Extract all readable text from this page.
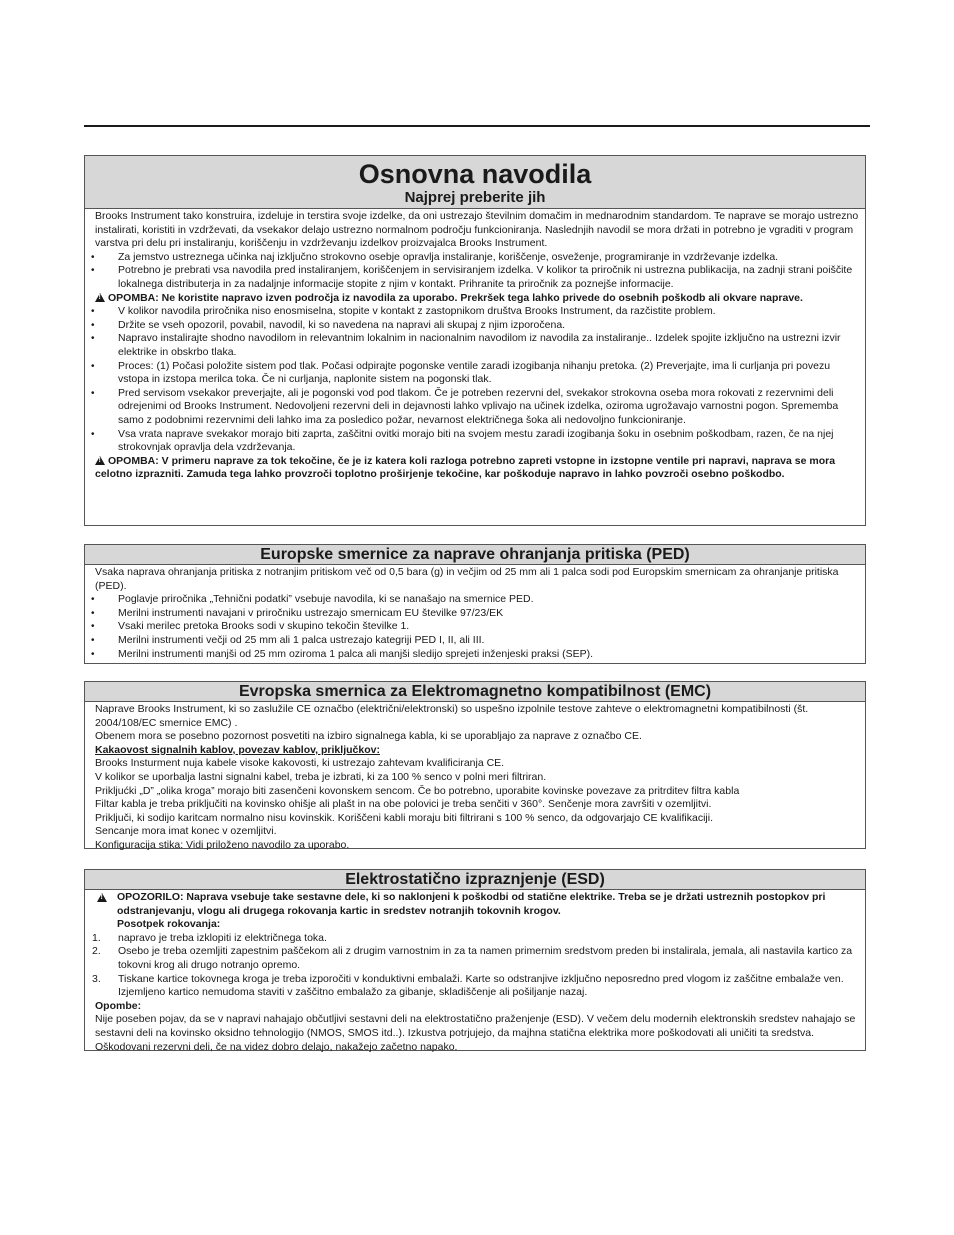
Osnovna navodila
Najprej preberite jih
Brooks Instrument tako konstruira, izdeluje in terstira svoje izdelke, da oni ustrezajo številnim domačim in mednarodnim standardom. Te naprave se morajo ustrezno instalirati, koristiti in vzdrževati, da vsekakor delajo ustrezno normalnom področju funkcioniranja. Naslednjih navodil se mora držati in potrebno je vgraditi v program varstva pri delu pri instaliranju, koriščenju in vzdrževanju izdelkov proizvajalca Brooks Instrument.
• Za jemstvo ustreznega učinka naj izključno strokovno osebje opravlja instaliranje, koriščenje, osveženje, programiranje in vzdrževanje izdelka.
• Potrebno je prebrati vsa navodila pred instaliranjem, koriščenjem in servisiranjem izdelka. V kolikor ta priročnik ni ustrezna publikacija, na zadnji strani poiščite lokalnega distributerja in za nadaljnje informacije stopite z njim v kontakt. Prihranite ta priročnik za poznejše informacije.
!OPOMBA: Ne koristite napravo izven področja iz navodila za uporabo. Prekršek tega lahko privede do osebnih poškodb ali okvare naprave.
• V kolikor navodila priročnika niso enosmiselna, stopite v kontakt z zastopnikom društva Brooks Instrument, da razčistite problem.
• Držite se vseh opozoril, povabil, navodil, ki so navedena na napravi ali skupaj z njim izporočena.
• Napravo instalirajte shodno navodilom in relevantnim lokalnim in nacionalnim navodilom iz navodila za instaliranje.. Izdelek spojite izključno na ustrezni izvir elektrike in obskrbo tlaka.
• Proces: (1) Počasi položite sistem pod tlak. Počasi odpirajte pogonske ventile zaradi izogibanja nihanju pretoka. (2) Preverjajte, ima li curljanja pri povezu vstopa in izstopa merilca toka. Če ni curljanja, naplonite sistem na pogonski tlak.
• Pred servisom vsekakor preverjajte, ali je pogonski vod pod tlakom. Če je potreben rezervni del, svekakor strokovna oseba mora rokovati z rezervnimi deli odrejenimi od Brooks Instrument. Nedovoljeni rezervni deli in dejavnosti lahko vplivajo na učinek izdelka, oziroma ugrožavajo varnostni pogon. Sprememba samo z podobnimi rezervnimi deli lahko ima za posledico požar, nevarnost električnega šoka ali nedovoljno funkcioniranje.
• Vsa vrata naprave svekakor morajo biti zaprta, zaščitni ovitki morajo biti na svojem mestu zaradi izogibanja šoku in osebnim poškodbam, razen, če na njej strokovnjak opravlja dela vzdrževanja.
!OPOMBA: V primeru naprave za tok tekočine, če je iz katera koli razloga potrebno zapreti vstopne in izstopne ventile pri napravi, naprava se mora celotno izprazniti. Zamuda tega lahko provzroči toplotno proširjenje tekočine, kar poškoduje napravo in lahko povzroči osebno poškodbo.
Europske smernice za naprave ohranjanja pritiska (PED)
Vsaka naprava ohranjanja pritiska z notranjim pritiskom več od 0,5 bara (g) in večjim od 25 mm ali 1 palca sodi pod Europskim smernicam za ohranjanje pritiska (PED).
• Poglavje priročnika „Tehnični podatki” vsebuje navodila, ki se nanašajo na smernice PED.
• Merilni instrumenti navajani v priročniku ustrezajo smernicam EU številke 97/23/EK
• Vsaki merilec pretoka Brooks sodi v skupino tekočin številke 1.
• Merilni instrumenti večji od 25 mm ali 1 palca ustrezajo kategriji PED I, II, ali III.
• Merilni instrumenti manjši od 25 mm oziroma 1 palca ali manjši sledijo sprejeti inženjeski praksi (SEP).
Evropska smernica za Elektromagnetno kompatibilnost (EMC)
Naprave Brooks Instrument, ki so zaslužile CE označbo (električni/elektronski) so uspešno izpolnile testove zahteve o elektromagnetni kompatibilnosti (št. 2004/108/EC smernice EMC) .
Obenem mora se posebno pozornost posvetiti na izbiro signalnega kabla, ki se uporabljajo za naprave z označbo CE.
Kakaovost signalnih kablov, povezav kablov, priključkov:
Brooks Insturment nuja kabele visoke kakovosti, ki ustrezajo zahtevam kvalificiranja CE.
V kolikor se uporbalja lastni signalni kabel, treba je izbrati, ki za 100 % senco v polni meri filtriran.
Prikljućki „D” „olika kroga” morajo biti zasenčeni kovonskem sencom. Če bo potrebno, uporabite kovinske povezave za pritrditev filtra kabla
Filtar kabla je treba priključiti na kovinsko ohišje ali plašt in na obe polovici je treba senčiti v 360°. Senčenje mora završiti v ozemljitvi.
Priključi, ki sodijo karitcam normalno nisu kovinskik. Koriščeni kabli moraju biti filtrirani s 100 % senco, da odgovarjajo CE kvalifikaciji.
Sencanje mora imat konec v ozemljitvi.
Konfiguracija stika: Vidi priloženo navodilo za uporabo.
Elektrostatično izpraznjenje (ESD)
!
OPOZORILO: Naprava vsebuje take sestavne dele, ki so naklonjeni k poškodbi od statične elektrike. Treba se je držati ustreznih postopkov pri odstranjevanju, vlogu ali drugega rokovanja kartic in sredstev notranjih tokovnih krogov.
Posotpek rokovanja:
1. napravo je treba izklopiti iz električnega toka.
2. Osebo je treba ozemljiti zapestnim paščekom ali z drugim varnostnim in za ta namen primernim sredstvom preden bi instalirala, jemala, ali nastavila kartico za tokovni krog ali drugo notranjo opremo.
3. Tiskane kartice tokovnega kroga je treba izporočiti v konduktivni embalaži. Karte so odstranjive izključno neposredno pred vlogom iz zaščitne embalaže ven. Izjemljeno kartico nemudoma staviti v zaščitno embalažo za gibanje, skladiščenje ali pošiljanje nazaj.
Opombe:
Nije poseben pojav, da se v napravi nahajajo občutljivi sestavni deli na elektrostatično praženjenje (ESD). V večem delu modernih elektronskih sredstev nahajajo se sestavni deli na kovinsko oksidno tehnologijo (NMOS, SMOS itd..). Izkustva potrjujejo, da majhna statična elektrika more poškodovati ali uničiti ta sredstva. Oškodovani rezervni deli, če na videz dobro delajo, nakažejo začetno napako.
